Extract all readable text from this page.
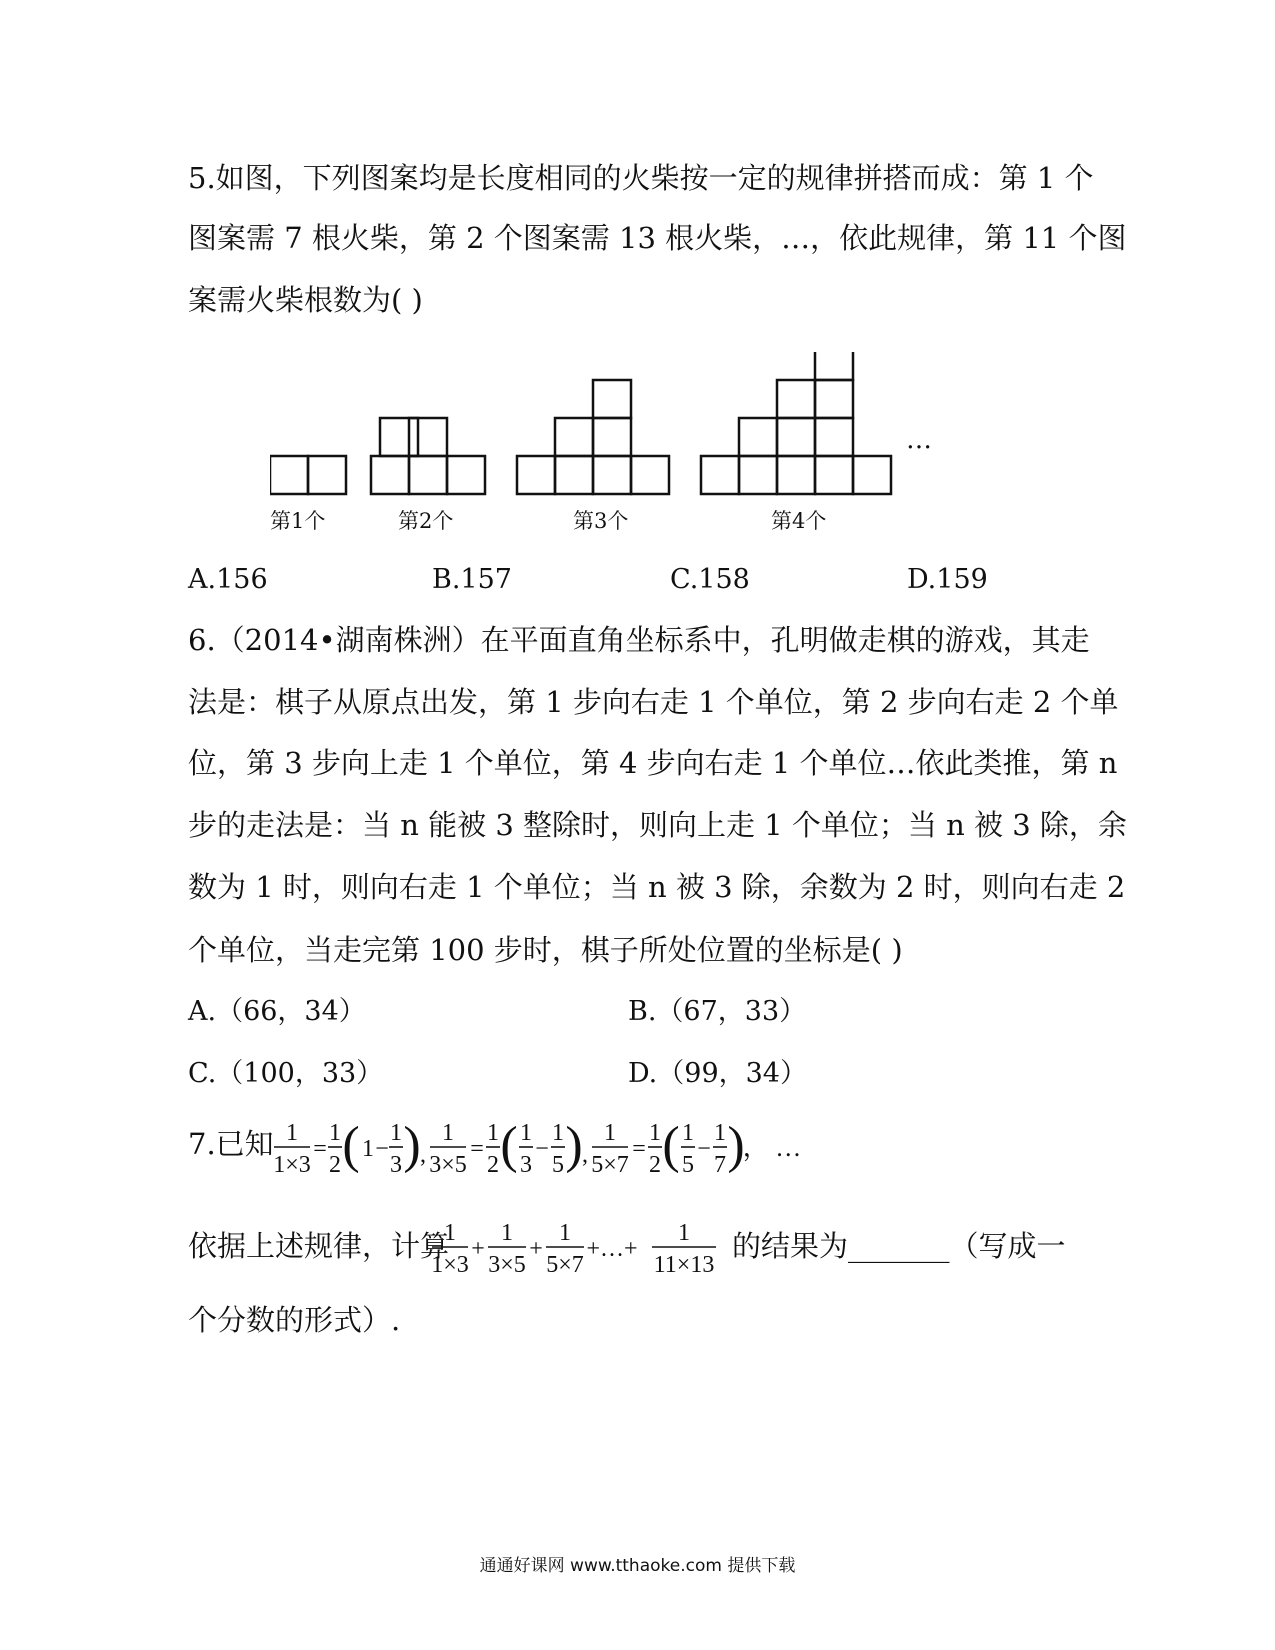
5.如图，下列图案均是长度相同的火柴按一定的规律拼搭而成：第 1 个
图案需 7 根火柴，第 2 个图案需 13 根火柴，…，依此规律，第 11 个图
案需火柴根数为( )
第1个	第2个	第3个	第4个
…
A.156	B.157	C.158	D.159
6.（2014•湖南株洲）在平面直角坐标系中，孔明做走棋的游戏，其走
法是：棋子从原点出发，第 1 步向右走 1 个单位，第 2 步向右走 2 个单
位，第 3 步向上走 1 个单位，第 4 步向右走 1 个单位…依此类推，第 n
步的走法是：当 n 能被 3 整除时，则向上走 1 个单位；当 n 被 3 除，余
数为 1 时，则向右走 1 个单位；当 n 被 3 除，余数为 2 时，则向右走 2
个单位，当走完第 100 步时，棋子所处位置的坐标是( )
A.（66，34）	B.（67，33）
C.（100，33）	D.（99，34）
7.已知 1
1×3
=
1
2 ( 1 −
1
3 ) ,
1
3×5
=
1
2 ( 1
3
−
1
5 ) ,
1
5×7
=
1
2 ( 1
5
−
1
7 )
， …
依据上述规律，计算
1
1×3
+
1
3×5
+
1
5×7
+…+
1
11×13
的结果为_______（写成一
个分数的形式）.
通通好课网 www.tthaoke.com 提供下载
